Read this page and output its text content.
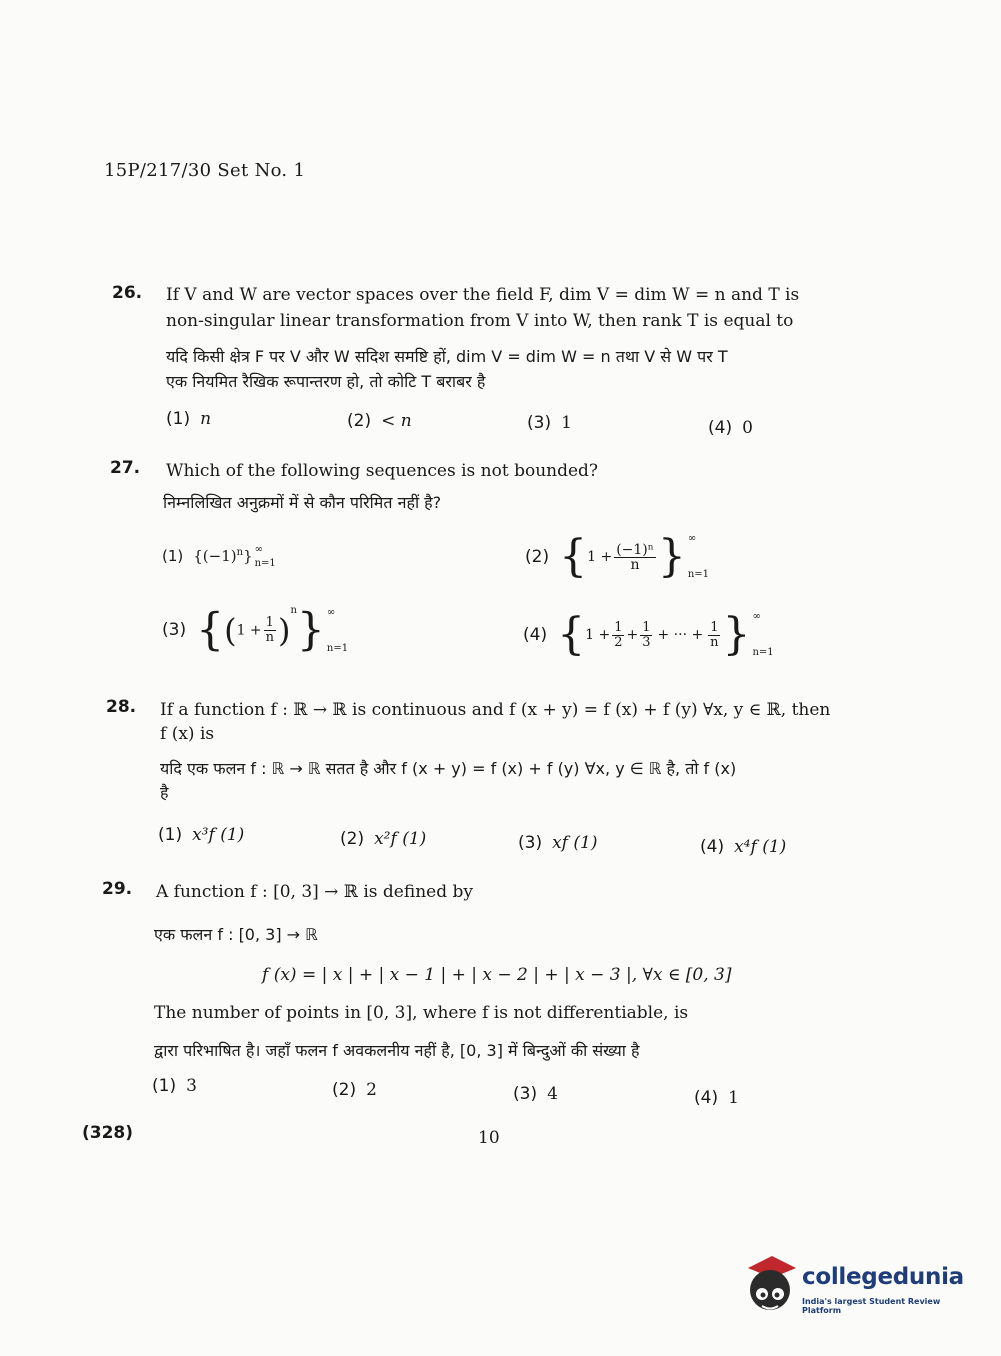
15P/217/30 Set No. 1
26. If V and W are vector spaces over the field F, dim V = dim W = n and T is
non-singular linear transformation from V into W, then rank T is equal to
यदि किसी क्षेत्र F पर V और W सदिश समष्टि हों, dim V = dim W = n तथा V से W पर T
एक नियमित रैखिक रूपान्तरण हो, तो कोटि T बराबर है
(1) n	(2) < n	(3) 1	(4) 0
27. Which of the following sequences is not bounded?
निम्नलिखित अनुक्रमों में से कौन परिमित नहीं है?
(1) $\{(-1)^n\}$ ∞
n=1	(2) {$1 + \frac{\text{(−1)ⁿ}}{n}$ } ∞
n=1
(3) $\{(1 + \frac{1}{n} )^n\}$ ∞
n=1
(4) {$1 + \frac{1}{2} + \frac{1}{3}$ + ··· + $\frac{1}{n}$ } ∞
n=1
28. If a function f : ℝ → ℝ is continuous and f (x + y) = f (x) + f (y) ∀x, y ∈ ℝ, then
f (x) is
यदि एक फलन f : ℝ → ℝ सतत है और f (x + y) = f (x) + f (y) ∀x, y ∈ ℝ है, तो f (x)
है
(1) x³f (1)	(2) x²f (1)	(3) xf (1)	(4) x⁴f (1)
29. A function f : [0, 3] → ℝ is defined by
एक फलन f : [0, 3] → ℝ
f (x) = | x | + | x − 1 | + | x − 2 | + | x − 3 |, ∀x ∈ [0, 3]
The number of points in [0, 3], where f is not differentiable, is
द्वारा परिभाषित है। जहाँ फलन f अवकलनीय नहीं है, [0, 3] में बिन्दुओं की संख्या है
(1) 3	(2) 2	(3) 4	(4) 1
(328)	10
collegedunia
India's largest Student Review Platform
